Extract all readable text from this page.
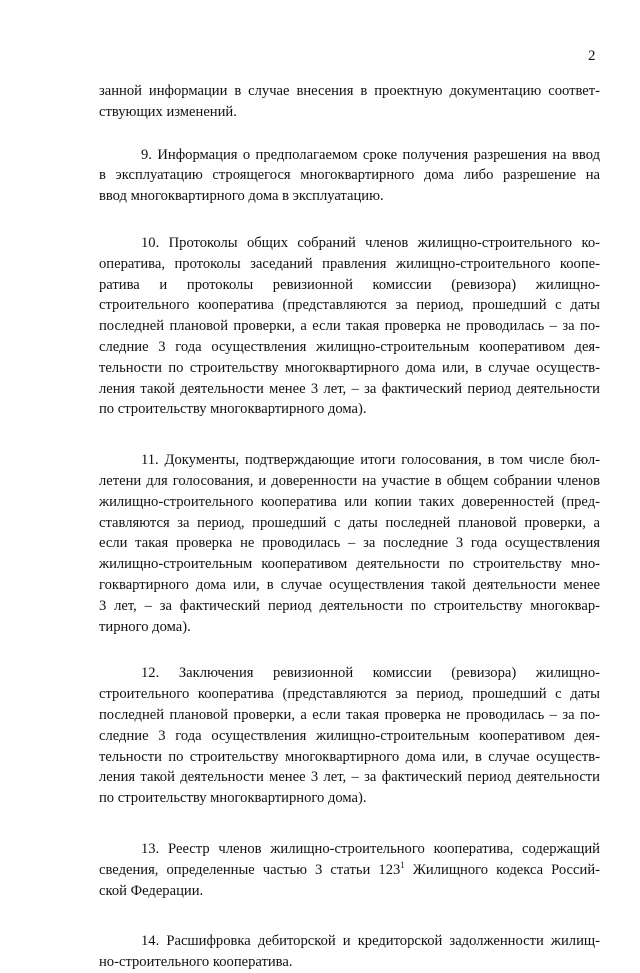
2
занной информации в случае внесения в проектную документацию соответ-
ствующих изменений.
9. Информация о предполагаемом сроке получения разрешения на ввод
в эксплуатацию строящегося многоквартирного дома либо разрешение на
ввод многоквартирного дома в эксплуатацию.
10. Протоколы общих собраний членов жилищно-строительного ко-
оператива, протоколы заседаний правления жилищно-строительного коопе-
ратива и протоколы ревизионной комиссии (ревизора) жилищно-
строительного кооператива (представляются за период, прошедший с даты
последней плановой проверки, а если такая проверка не проводилась – за по-
следние 3 года осуществления жилищно-строительным кооперативом дея-
тельности по строительству многоквартирного дома или, в случае осуществ-
ления такой деятельности менее 3 лет, – за фактический период деятельности
по строительству многоквартирного дома).
11. Документы, подтверждающие итоги голосования, в том числе бюл-
летени для голосования, и доверенности на участие в общем собрании членов
жилищно-строительного кооператива или копии таких доверенностей (пред-
ставляются за период, прошедший с даты последней плановой проверки, а
если такая проверка не проводилась – за последние 3 года осуществления
жилищно-строительным кооперативом деятельности по строительству мно-
гоквартирного дома или, в случае осуществления такой деятельности менее
3 лет, – за фактический период деятельности по строительству многоквар-
тирного дома).
12. Заключения ревизионной комиссии (ревизора) жилищно-
строительного кооператива (представляются за период, прошедший с даты
последней плановой проверки, а если такая проверка не проводилась – за по-
следние 3 года осуществления жилищно-строительным кооперативом дея-
тельности по строительству многоквартирного дома или, в случае осуществ-
ления такой деятельности менее 3 лет, – за фактический период деятельности
по строительству многоквартирного дома).
13. Реестр членов жилищно-строительного кооператива, содержащий
сведения, определенные частью 3 статьи $123^1$ Жилищного кодекса Россий-
ской Федерации.
14. Расшифровка дебиторской и кредиторской задолженности жилищ-
но-строительного кооператива.
